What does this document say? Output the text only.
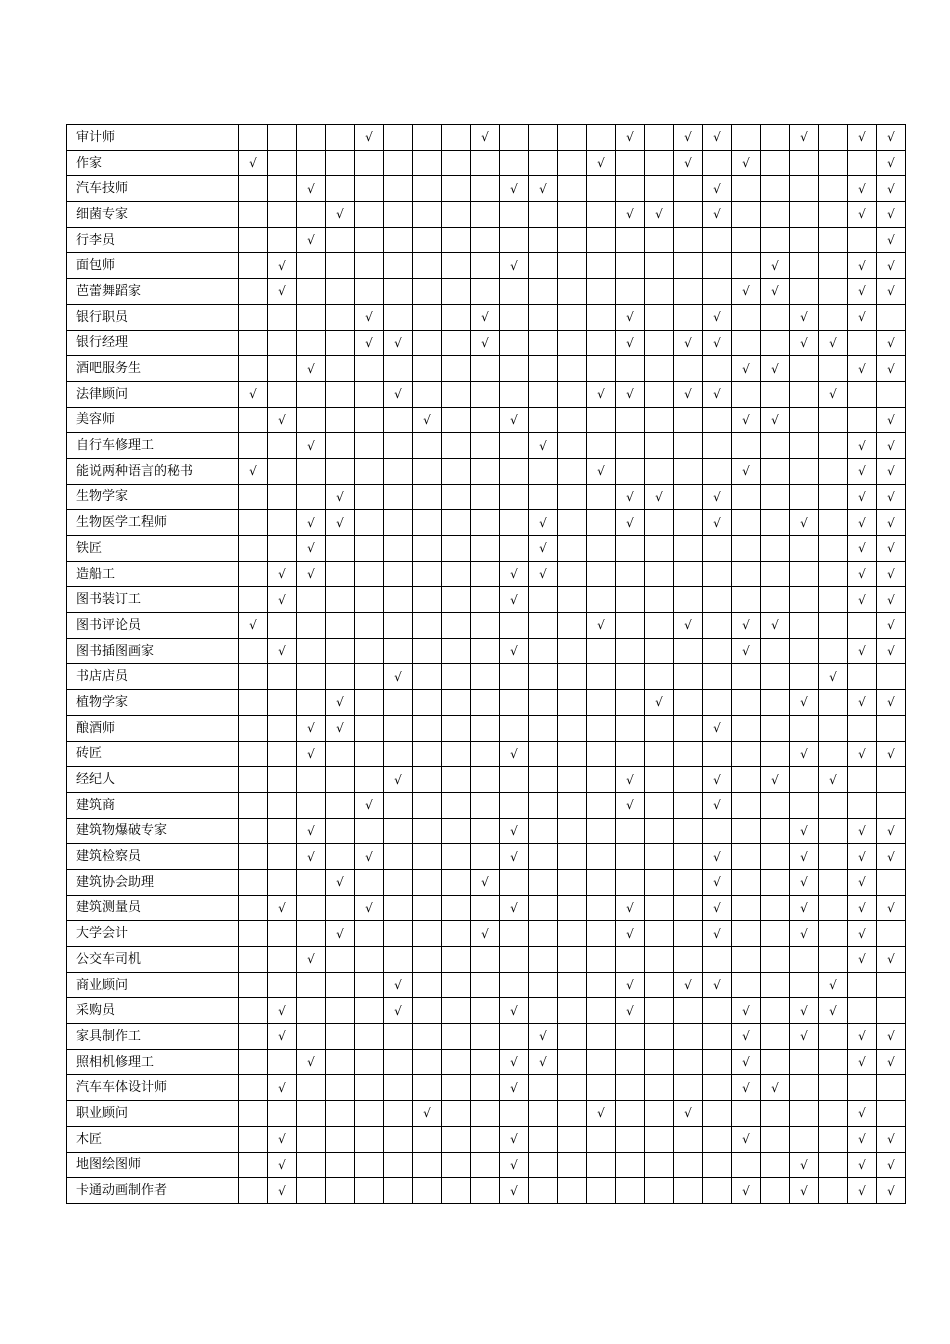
审计师					√				√					√		√	√			√		√	√
作家	√												√			√		√					√
汽车技师			√							√	√						√					√	√
细菌专家				√										√	√		√					√	√
行李员			√																				√
面包师		√								√									√			√	√
芭蕾舞蹈家		√																√	√			√	√
银行职员					√				√					√			√			√		√	
银行经理					√	√			√					√		√	√			√	√		√
酒吧服务生			√															√	√			√	√
法律顾问	√					√							√	√		√	√				√		
美容师		√					√			√								√	√				√
自行车修理工			√								√											√	√
能说两种语言的秘书	√												√					√				√	√
生物学家				√										√	√		√					√	√
生物医学工程师			√	√							√			√			√			√		√	√
铁匠			√								√											√	√
造船工		√	√							√	√											√	√
图书装订工		√								√												√	√
图书评论员	√												√			√		√	√				√
图书插图画家		√								√								√				√	√
书店店员						√															√		
植物学家				√											√					√		√	√
酿酒师			√	√													√						
砖匠			√							√										√		√	√
经纪人						√								√			√		√		√		
建筑商					√									√			√						
建筑物爆破专家			√							√										√		√	√
建筑检察员			√		√					√							√			√		√	√
建筑协会助理				√					√								√			√		√	
建筑测量员		√			√					√				√			√			√		√	√
大学会计				√					√					√			√			√		√	
公交车司机			√																			√	√
商业顾问						√								√		√	√				√		
采购员		√				√				√				√				√		√	√		
家具制作工		√									√							√		√		√	√
照相机修理工			√							√	√							√				√	√
汽车车体设计师		√								√								√	√				
职业顾问							√						√			√						√	
木匠		√								√								√				√	√
地图绘图师		√								√										√		√	√
卡通动画制作者		√								√								√		√		√	√
